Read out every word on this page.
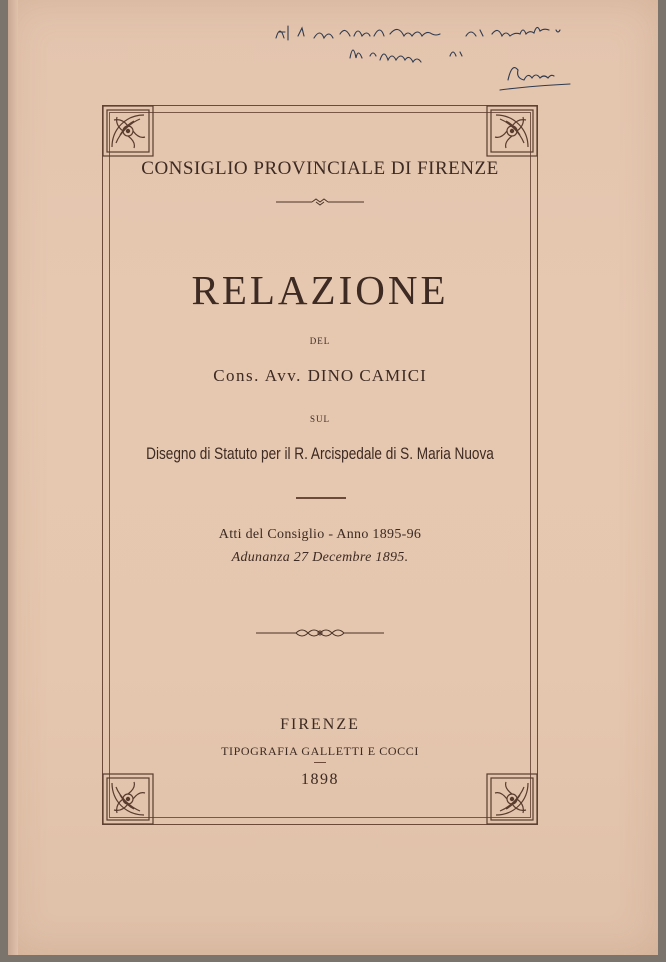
CONSIGLIO PROVINCIALE DI FIRENZE
RELAZIONE
DEL
Cons. Avv. DINO CAMICI
SUL
Disegno di Statuto per il R. Arcispedale di S. Maria Nuova
Atti del Consiglio - Anno 1895-96
Adunanza 27 Decembre 1895.
FIRENZE
TIPOGRAFIA GALLETTI E COCCI
1898
